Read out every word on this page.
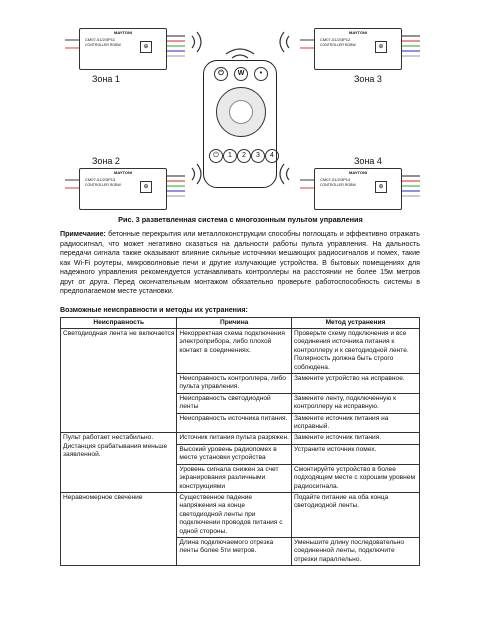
MAYTONI
CM07-01/2/3P11
CONTROLLER RGBW	⊕
MAYTONI
CM07-01/2/3P12
CONTROLLER RGBW	⊕
MAYTONI
CM07-01/2/3P13
CONTROLLER RGBW	⊕
MAYTONI
CM07-01/2/3P14
CONTROLLER RGBW	⊕
Зона 1	Зона 3
Зона 2	Зона 4
⏻	W	•
⏻	1	2	3	4
Рис. 3 разветвленная система с многозонным пультом управления
Примечание: бетонные перекрытия или металлоконструкции способны поглощать и эффективно отражать радиосигнал, что может негативно сказаться на дальности работы пульта управления. На дальность передачи сигнала также оказывают влияние сильные источники мешающих радиосигналов и помех, такие как Wi-Fi роутеры, микроволновые печи и другие излучающие устройства. В бытовых помещениях для надежного управления рекомендуется устанавливать контроллеры на расстоянии не более 15м метров друг от друга. Перед окончательным монтажом обязательно проверьте работоспособность системы в предполагаемом месте установки.
Возможные неисправности и методы их устранения:
Неисправность	Причина	Метод устранения
Светодиодная лента не включается	Некорректная схема подключения электроприбора, либо плохой контакт в соединениях.	Проверьте схему подключения и все соединения источника питания к контроллеру и к светодиодной ленте. Полярность должна быть строго соблюдена.
	Неисправность контроллера, либо пульта управления.	Замените устройство на исправное.
	Неисправность светодиодной ленты	Замените ленту, подключенную к контроллеру на исправную.
	Неисправность источника питания.	Замените источник питания на исправный.
Пульт работает нестабильно. Дистанция срабатывания меньше заявленной.	Источник питания пульта разряжен.	Замените источник питания.
	Высокий уровень радиопомех в месте установки устройства	Устраните источник помех.
	Уровень сигнала снижен за счет экранирования различными конструкциями	Смонтируйте устройство в более подходящем месте с хорошим уровнем радиосигнала.
Неравномерное свечение	Существенное падение напряжения на конце светодиодной ленты при подключении проводов питания с одной стороны.	Подайте питание на оба конца светодиодной ленты.
	Длина подключаемого отрезка ленты более 5ти метров.	Уменьшите длину последовательно соединенной ленты, подключите отрезки параллельно.
